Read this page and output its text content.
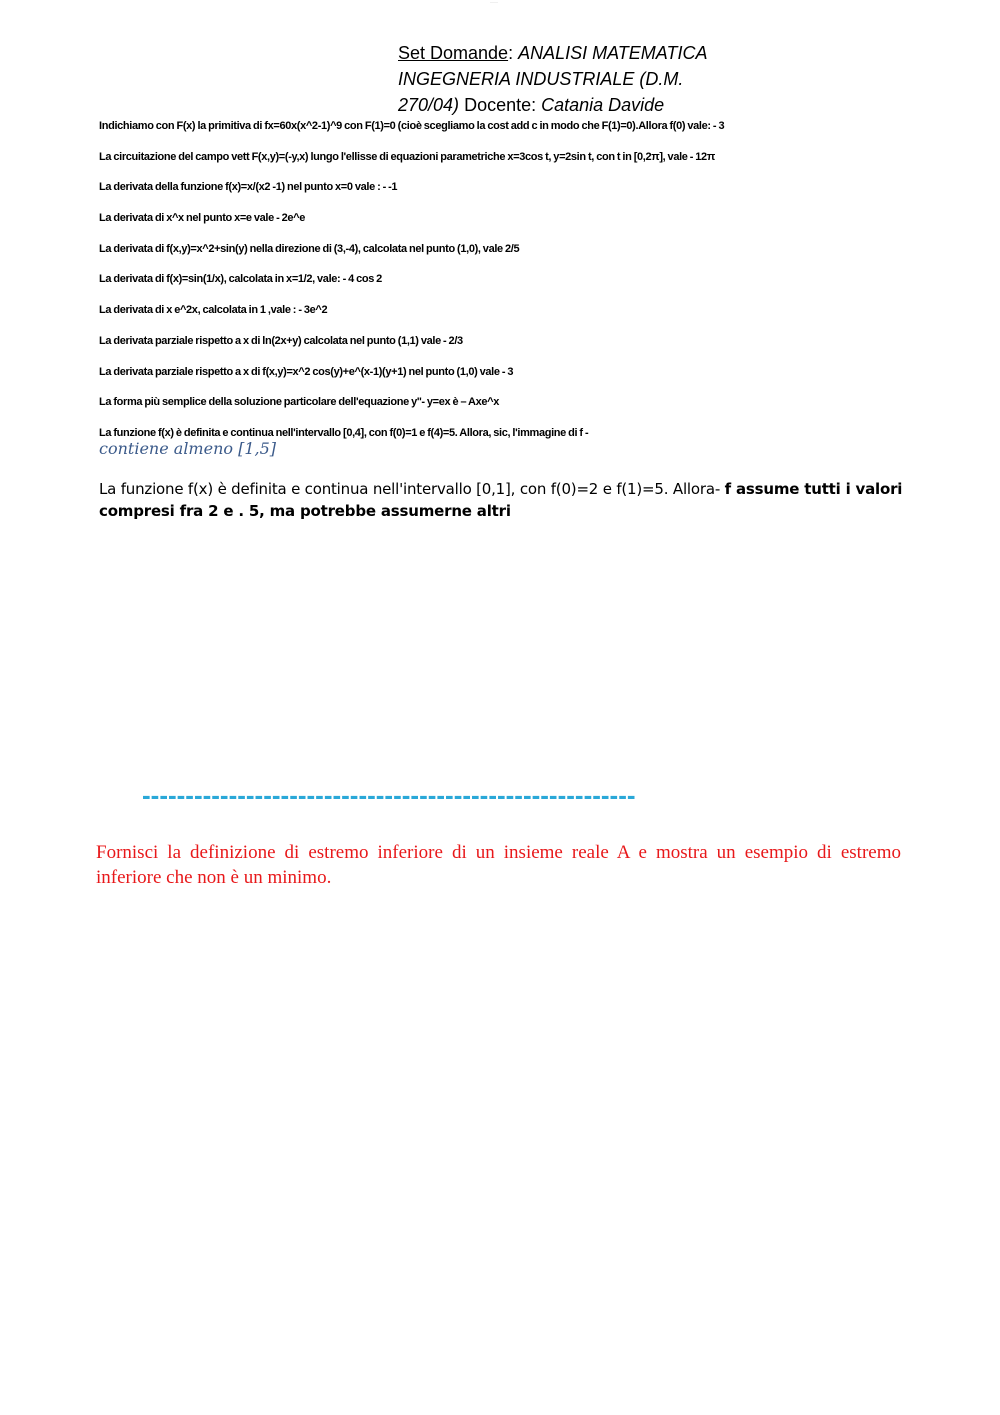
▬▬
Set Domande: ANALISI MATEMATICA
INGEGNERIA INDUSTRIALE (D.M.
270/04) Docente: Catania Davide
Indichiamo con F(x) la primitiva di fx=60x(x^2-1)^9 con F(1)=0 (cioè scegliamo la cost add c in modo che F(1)=0).Allora f(0) vale: - 3
La circuitazione del campo vett F(x,y)=(-y,x) lungo l'ellisse di equazioni parametriche x=3cos t, y=2sin t, con t in [0,2π], vale - 12π
La derivata della funzione f(x)=x/(x2 -1) nel punto x=0 vale : - -1
La derivata di x^x nel punto x=e vale - 2e^e
La derivata di f(x,y)=x^2+sin(y) nella direzione di (3,-4), calcolata nel punto (1,0), vale 2/5
La derivata di f(x)=sin(1/x), calcolata in x=1/2, vale: - 4 cos 2
La derivata di x e^2x, calcolata in 1 ,vale : - 3e^2
La derivata parziale rispetto a x di ln(2x+y) calcolata nel punto (1,1) vale - 2/3
La derivata parziale rispetto a x di f(x,y)=x^2 cos(y)+e^(x-1)(y+1) nel punto (1,0) vale - 3
La forma più semplice della soluzione particolare dell'equazione y''- y=ex è – Axe^x
La funzione f(x) è definita e continua nell'intervallo [0,4], con f(0)=1 e f(4)=5. Allora, sic, l'immagine di f -
contiene almeno [1,5]
La funzione f(x) è definita e continua nell'intervallo [0,1], con f(0)=2 e f(1)=5. Allora- f assume tutti i valori compresi fra 2 e . 5, ma potrebbe assumerne altri
---------------------------------------------------------
Fornisci la definizione di estremo inferiore di un insieme reale A e mostra un esempio di estremo inferiore che non è un minimo.
